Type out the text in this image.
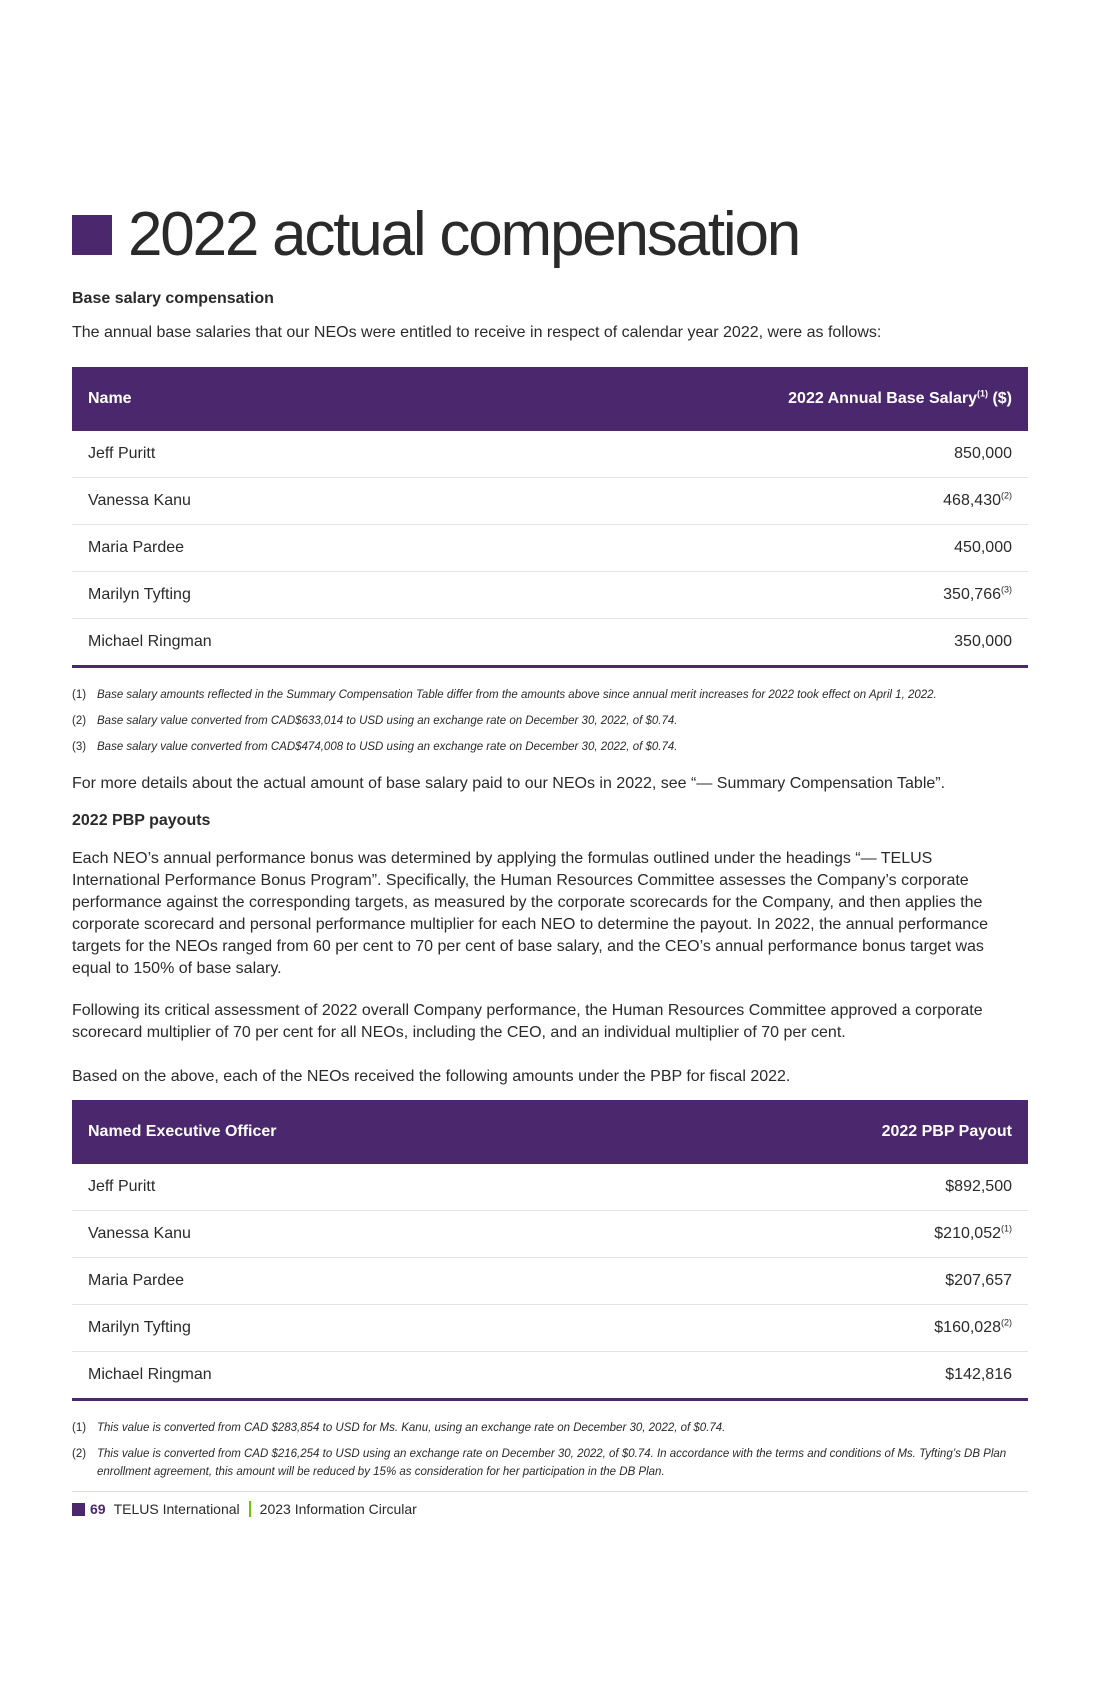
2022 actual compensation
Base salary compensation
The annual base salaries that our NEOs were entitled to receive in respect of calendar year 2022, were as follows:
Name	2022 Annual Base Salary$^{(1)}$ ($)
Jeff Puritt	850,000
Vanessa Kanu	468,430$^{(2)}$
Maria Pardee	450,000
Marilyn Tyfting	350,766$^{(3)}$
Michael Ringman	350,000
(1) Base salary amounts reflected in the Summary Compensation Table differ from the amounts above since annual merit increases for 2022 took effect on April 1, 2022.
(2) Base salary value converted from CAD$633,014 to USD using an exchange rate on December 30, 2022, of $0.74.
(3) Base salary value converted from CAD$474,008 to USD using an exchange rate on December 30, 2022, of $0.74.
For more details about the actual amount of base salary paid to our NEOs in 2022, see “— Summary Compensation Table”.
2022 PBP payouts
Each NEO’s annual performance bonus was determined by applying the formulas outlined under the headings “— TELUS International Performance Bonus Program”. Specifically, the Human Resources Committee assesses the Company’s corporate performance against the corresponding targets, as measured by the corporate scorecards for the Company, and then applies the corporate scorecard and personal performance multiplier for each NEO to determine the payout. In 2022, the annual performance targets for the NEOs ranged from 60 per cent to 70 per cent of base salary, and the CEO’s annual performance bonus target was equal to 150% of base salary.
Following its critical assessment of 2022 overall Company performance, the Human Resources Committee approved a corporate scorecard multiplier of 70 per cent for all NEOs, including the CEO, and an individual multiplier of 70 per cent.
Based on the above, each of the NEOs received the following amounts under the PBP for fiscal 2022.
Named Executive Officer	2022 PBP Payout
Jeff Puritt	$892,500
Vanessa Kanu	$210,052$^{(1)}$
Maria Pardee	$207,657
Marilyn Tyfting	$160,028$^{(2)}$
Michael Ringman	$142,816
(1) This value is converted from CAD $283,854 to USD for Ms. Kanu, using an exchange rate on December 30, 2022, of $0.74.
(2) This value is converted from CAD $216,254 to USD using an exchange rate on December 30, 2022, of $0.74. In accordance with the terms and conditions of Ms. Tyfting’s DB Plan enrollment agreement, this amount will be reduced by 15% as consideration for her participation in the DB Plan.
69 TELUS International 2023 Information Circular
